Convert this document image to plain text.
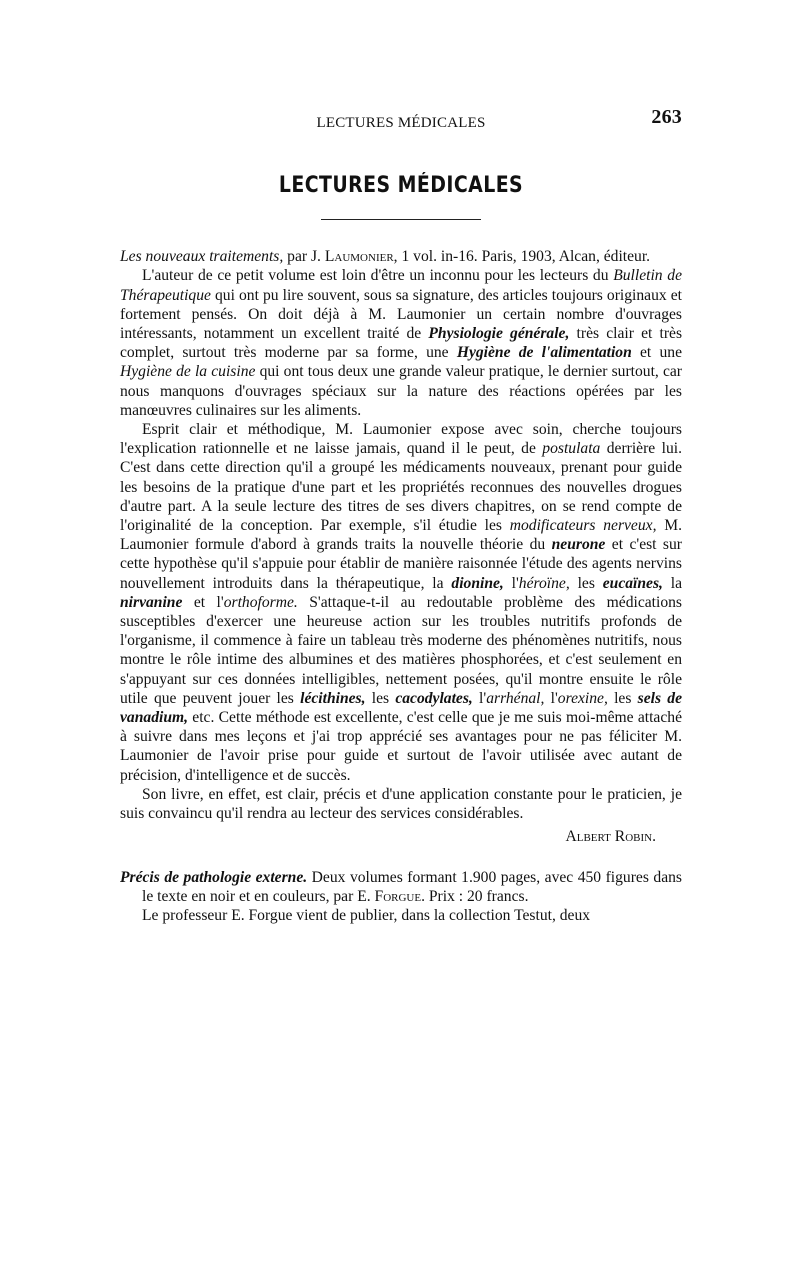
LECTURES MÉDICALES	263
LECTURES MÉDICALES

Les nouveaux traitements, par J. Laumonier, 1 vol. in-16. Paris, 1903, Alcan, éditeur.

L'auteur de ce petit volume est loin d'être un inconnu pour les lecteurs du Bulletin de Thérapeutique qui ont pu lire souvent, sous sa signature, des articles toujours originaux et fortement pensés. On doit déjà à M. Laumonier un certain nombre d'ouvrages intéressants, notamment un excellent traité de Physiologie générale, très clair et très complet, surtout très moderne par sa forme, une Hygiène de l'alimentation et une Hygiène de la cuisine qui ont tous deux une grande valeur pratique, le dernier surtout, car nous manquons d'ouvrages spéciaux sur la nature des réactions opérées par les manœuvres culinaires sur les aliments.

Esprit clair et méthodique, M. Laumonier expose avec soin, cherche toujours l'explication rationnelle et ne laisse jamais, quand il le peut, de postulata derrière lui. C'est dans cette direction qu'il a groupé les médicaments nouveaux, prenant pour guide les besoins de la pratique d'une part et les propriétés reconnues des nouvelles drogues d'autre part. A la seule lecture des titres de ses divers chapitres, on se rend compte de l'originalité de la conception. Par exemple, s'il étudie les modificateurs nerveux, M. Laumonier formule d'abord à grands traits la nouvelle théorie du neurone et c'est sur cette hypothèse qu'il s'appuie pour établir de manière raisonnée l'étude des agents nervins nouvellement introduits dans la thérapeutique, la dionine, l'héroïne, les eucaïnes, la nirvanine et l'orthoforme. S'attaque-t-il au redoutable problème des médications susceptibles d'exercer une heureuse action sur les troubles nutritifs profonds de l'organisme, il commence à faire un tableau très moderne des phénomènes nutritifs, nous montre le rôle intime des albumines et des matières phosphorées, et c'est seulement en s'appuyant sur ces données intelligibles, nettement posées, qu'il montre ensuite le rôle utile que peuvent jouer les lécithines, les cacodylates, l'arrhénal, l'orexine, les sels de vanadium, etc. Cette méthode est excellente, c'est celle que je me suis moi-même attaché à suivre dans mes leçons et j'ai trop apprécié ses avantages pour ne pas féliciter M. Laumonier de l'avoir prise pour guide et surtout de l'avoir utilisée avec autant de précision, d'intelligence et de succès.

Son livre, en effet, est clair, précis et d'une application constante pour le praticien, je suis convaincu qu'il rendra au lecteur des services considérables.

Albert Robin.

Précis de pathologie externe. Deux volumes formant 1.900 pages, avec 450 figures dans le texte en noir et en couleurs, par E. Forgue. Prix : 20 francs.

Le professeur E. Forgue vient de publier, dans la collection Testut, deux
